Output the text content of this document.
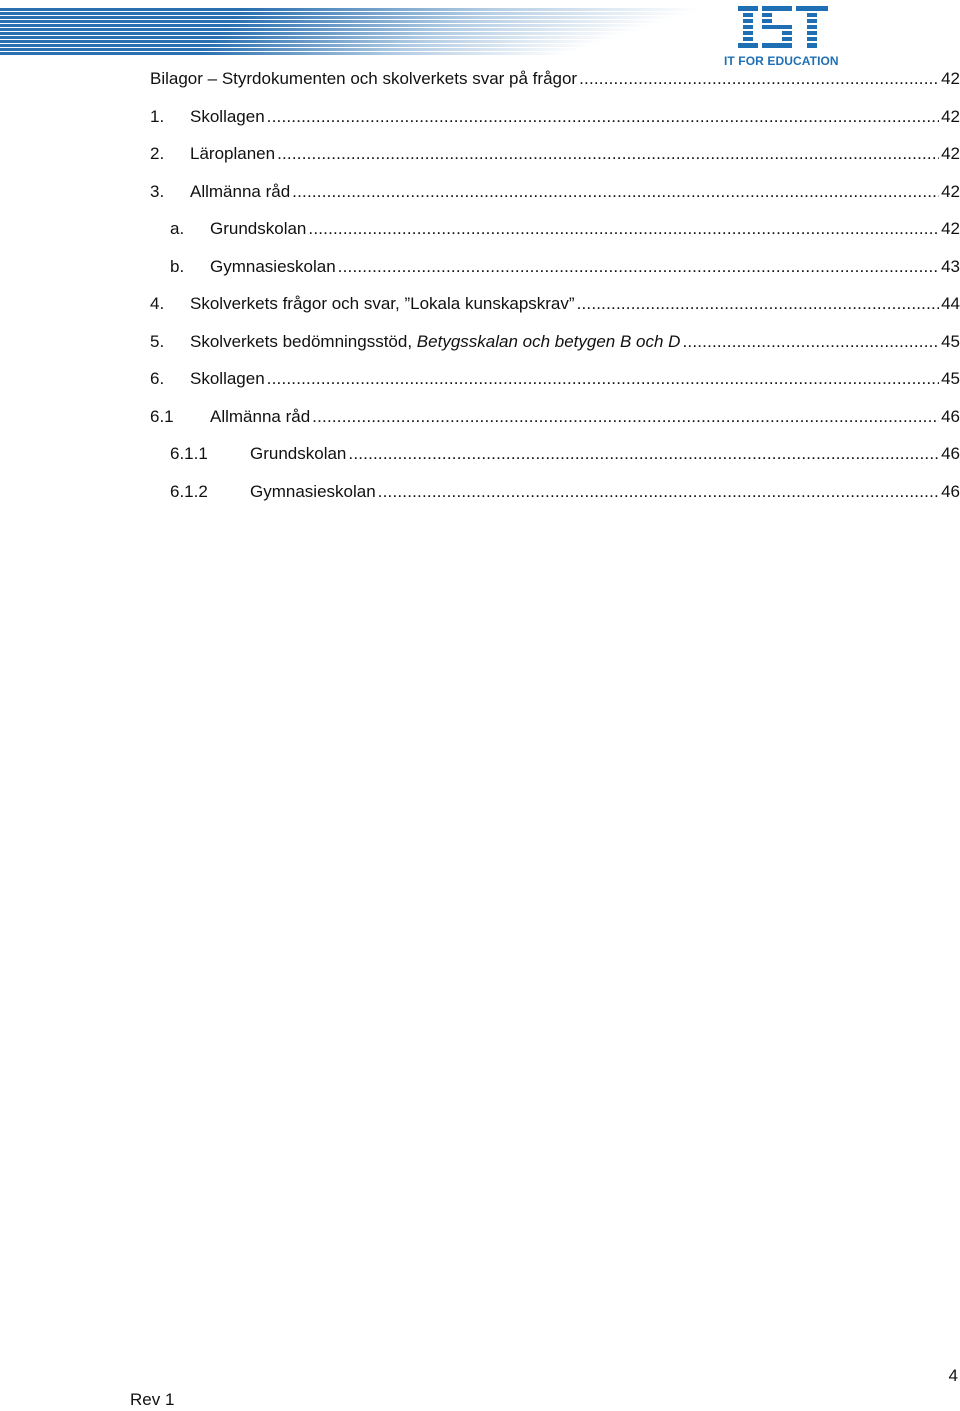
IT FOR EDUCATION
Bilagor – Styrdokumenten och skolverkets svar på frågor .....	42
1.	Skollagen .....	42
2.	Läroplanen .....	42
3.	Allmänna råd .....	42
a.	Grundskolan .....	42
b.	Gymnasieskolan .....	43
4.	Skolverkets frågor och svar, ”Lokala kunskapskrav” .....	44
5.	Skolverkets bedömningsstöd, Betygsskalan och betygen B och D .....	45
6.	Skollagen .....	45
6.1	Allmänna råd .....	46
6.1.1	Grundskolan .....	46
6.1.2	Gymnasieskolan .....	46
Rev 1
4
